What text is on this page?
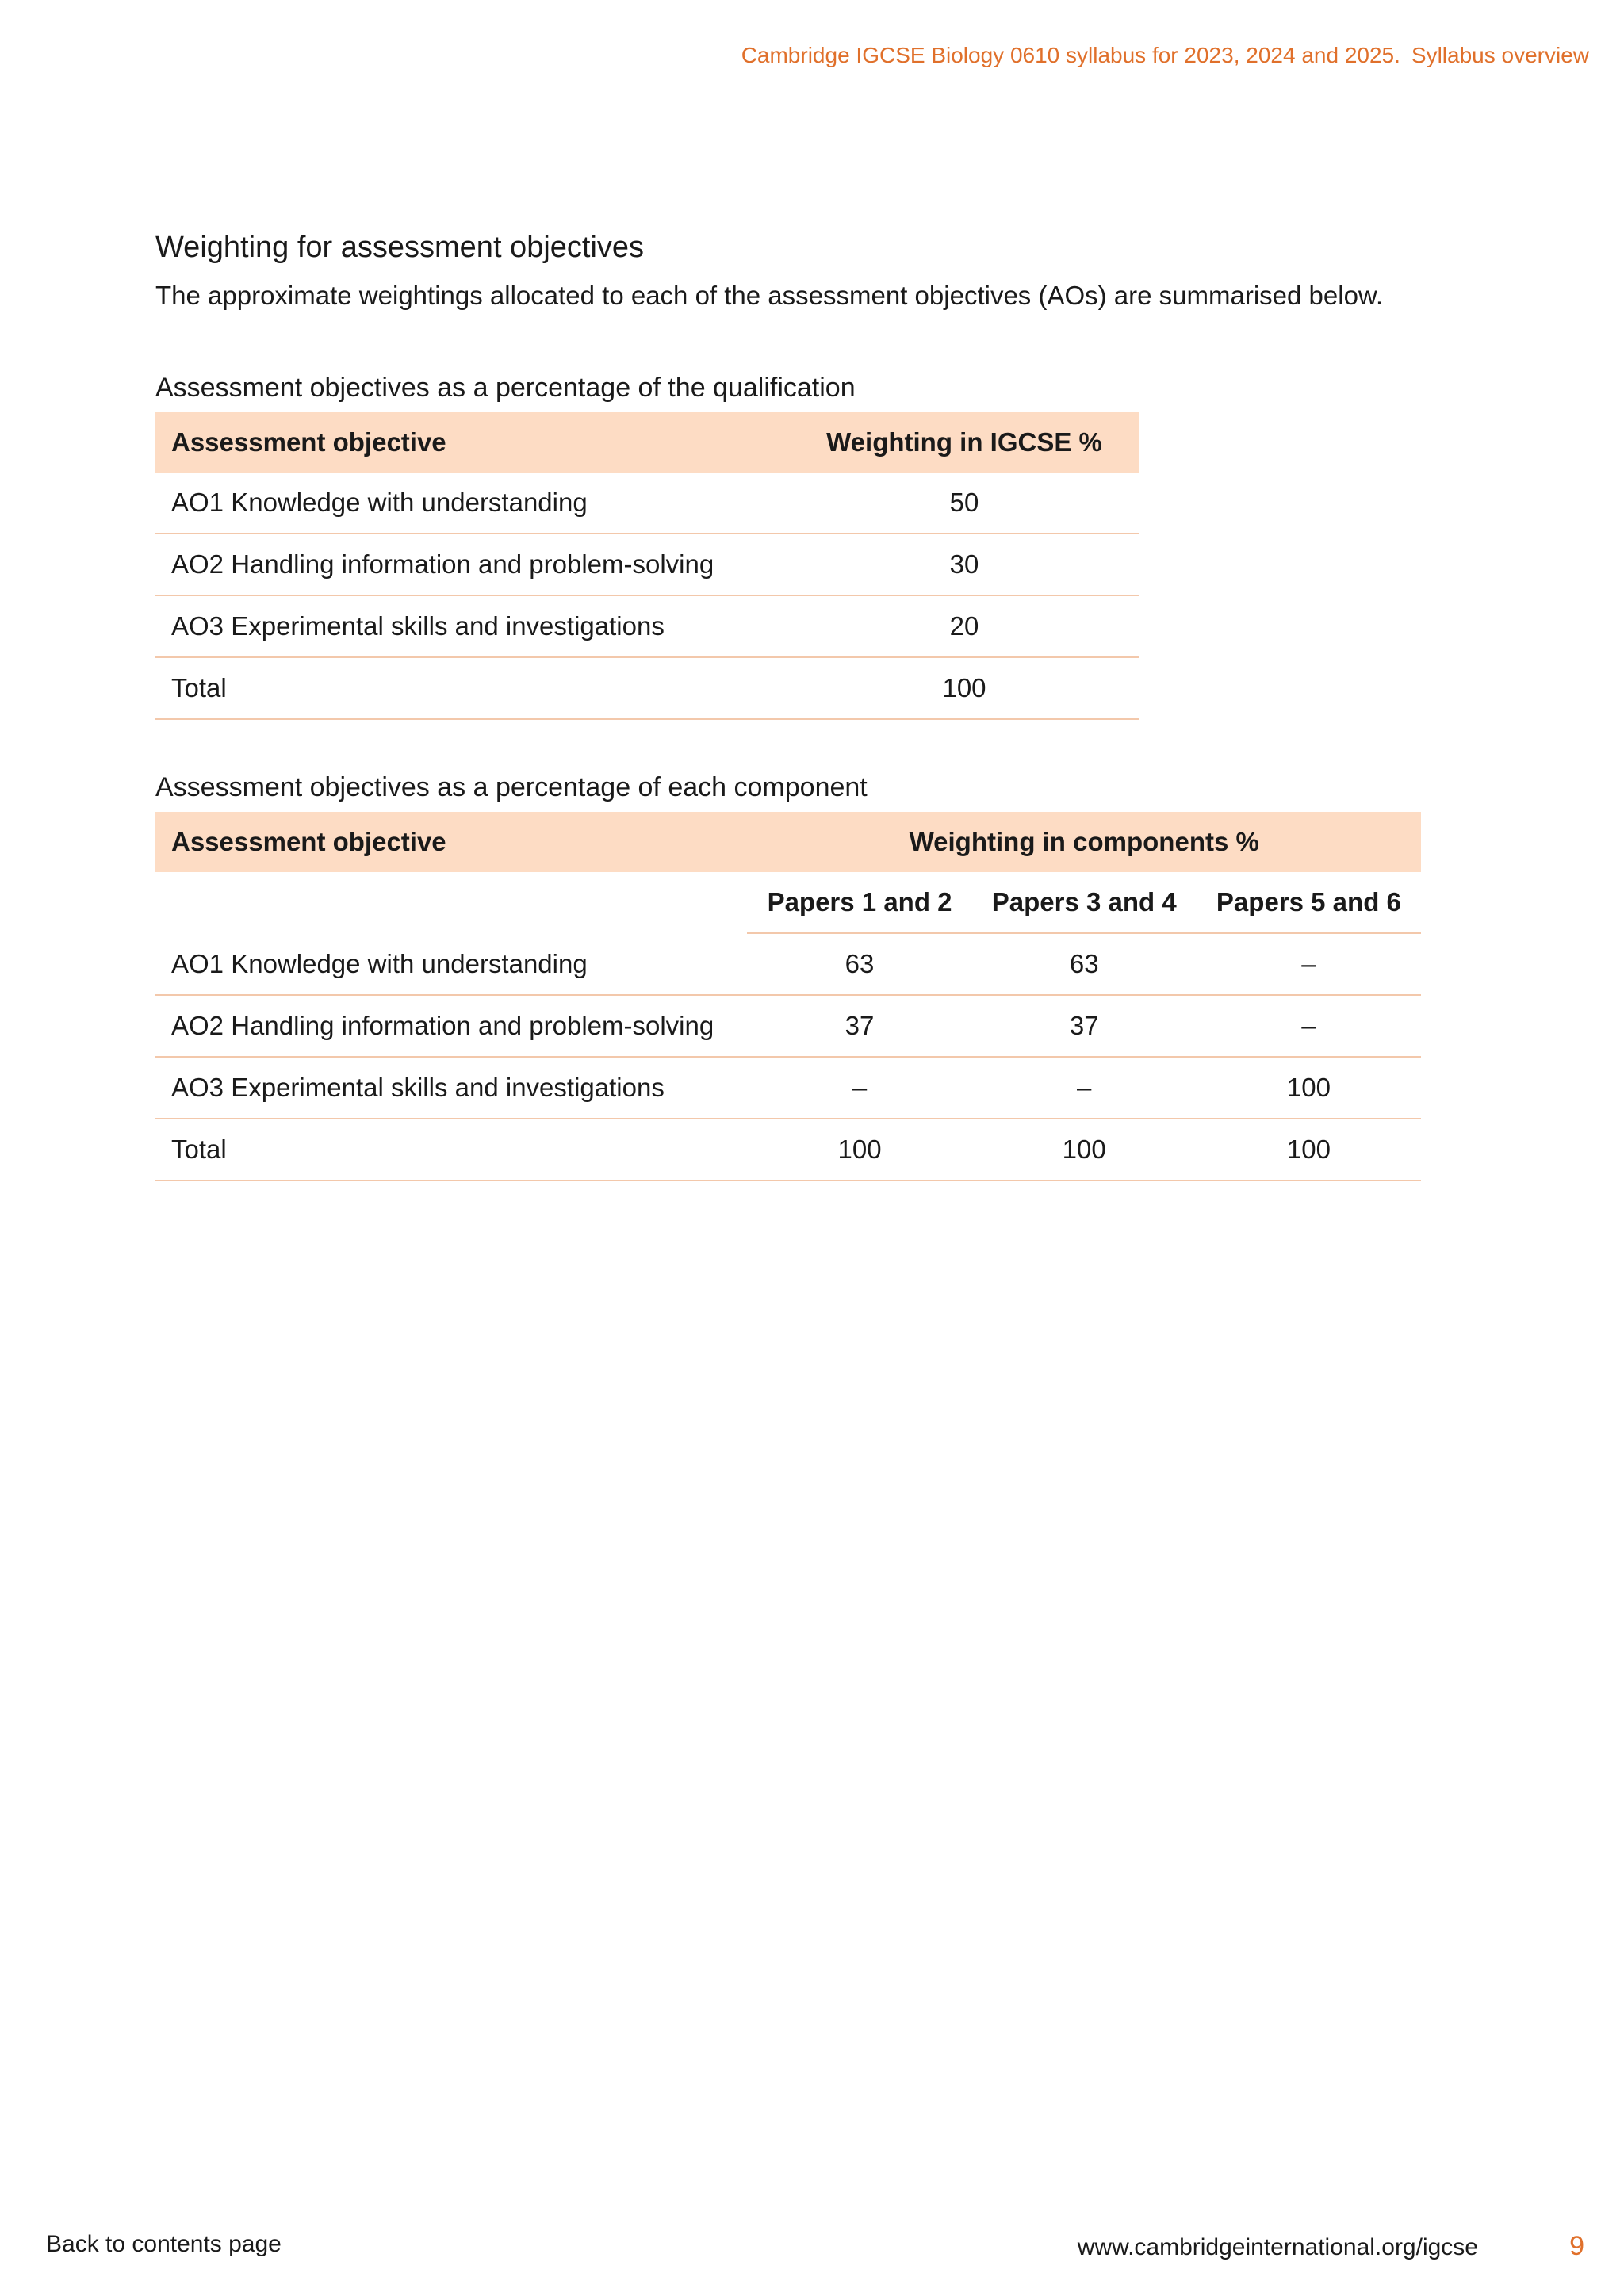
Cambridge IGCSE Biology 0610 syllabus for 2023, 2024 and 2025. Syllabus overview
Weighting for assessment objectives

The approximate weightings allocated to each of the assessment objectives (AOs) are summarised below.

Assessment objectives as a percentage of the qualification

Assessment objective	Weighting in IGCSE %
AO1 Knowledge with understanding	50
AO2 Handling information and problem-solving	30
AO3 Experimental skills and investigations	20
Total	100

Assessment objectives as a percentage of each component

Assessment objective	Weighting in components %		
	Papers 1 and 2	Papers 3 and 4	Papers 5 and 6
AO1 Knowledge with understanding	63	63	–
AO2 Handling information and problem-solving	37	37	–
AO3 Experimental skills and investigations	–	–	100
Total	100	100	100
Back to contents page	www.cambridgeinternational.org/igcse	9
